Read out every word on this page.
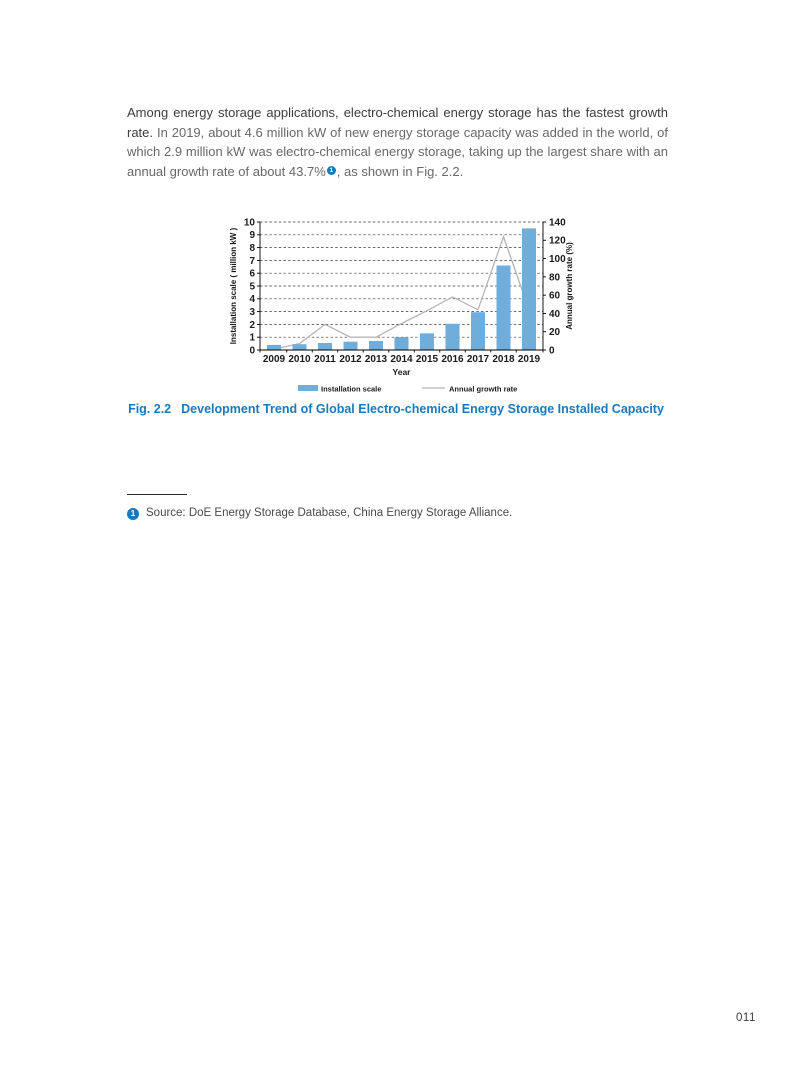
Among energy storage applications, electro-chemical energy storage has the fastest growth rate. In 2019, about 4.6 million kW of new energy storage capacity was added in the world, of which 2.9 million kW was electro-chemical energy storage, taking up the largest share with an annual growth rate of about 43.7% 1 , as shown in Fig. 2.2.

0
1
2
3
4
5
6
7
8
9
10
0
20
40
60
80
100
120
140
2009 2010 2011 2012 2013 2014 2015 2016 2017 2018 2019
Installation scale ( million kW )	Annual growth rate (%)
Year
Installation scale	Annual growth rate
Fig. 2.2 Development Trend of Global Electro-chemical Energy Storage Installed Capacity
1 Source: DoE Energy Storage Database, China Energy Storage Alliance.
011
